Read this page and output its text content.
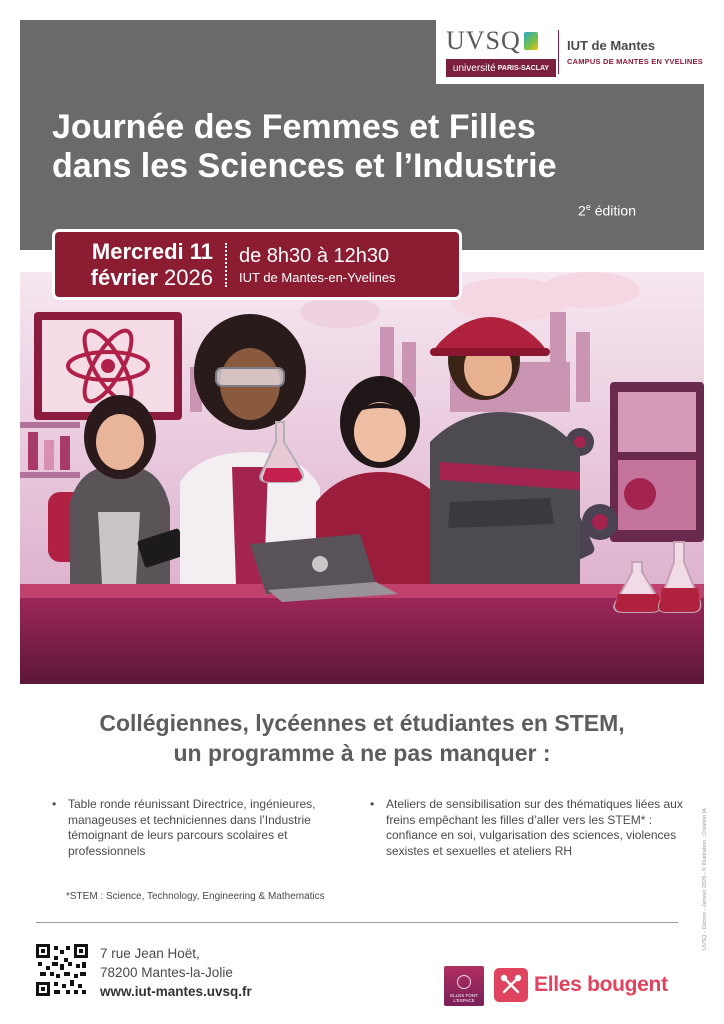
UVSQ
université PARIS-SACLAY
IUT de Mantes
CAMPUS DE MANTES EN YVELINES
Journée des Femmes et Filles
dans les Sciences et l’Industrie
2e édition
Mercredi 11
février 2026
de 8h30 à 12h30
IUT de Mantes-en-Yvelines
Collégiennes, lycéennes et étudiantes en STEM,
un programme à ne pas manquer :
• Table ronde réunissant Directrice, ingénieures, manageuses et techniciennes dans l’Industrie témoignant de leurs parcours scolaires et professionnels
• Ateliers de sensibilisation sur des thématiques liées aux freins empêchant les filles d’aller vers les STEM* : confiance en soi, vulgarisation des sciences, violences sexistes et sexuelles et ateliers RH
*STEM : Science, Technology, Engineering & Mathematics	UVSQ - Dircom - Janvier 2026 - © Illustration : Création IA
7 rue Jean Hoët,
78200 Mantes-la-Jolie
www.iut-mantes.uvsq.fr	ELLES FONT L’ESPACE
Elles bougent
